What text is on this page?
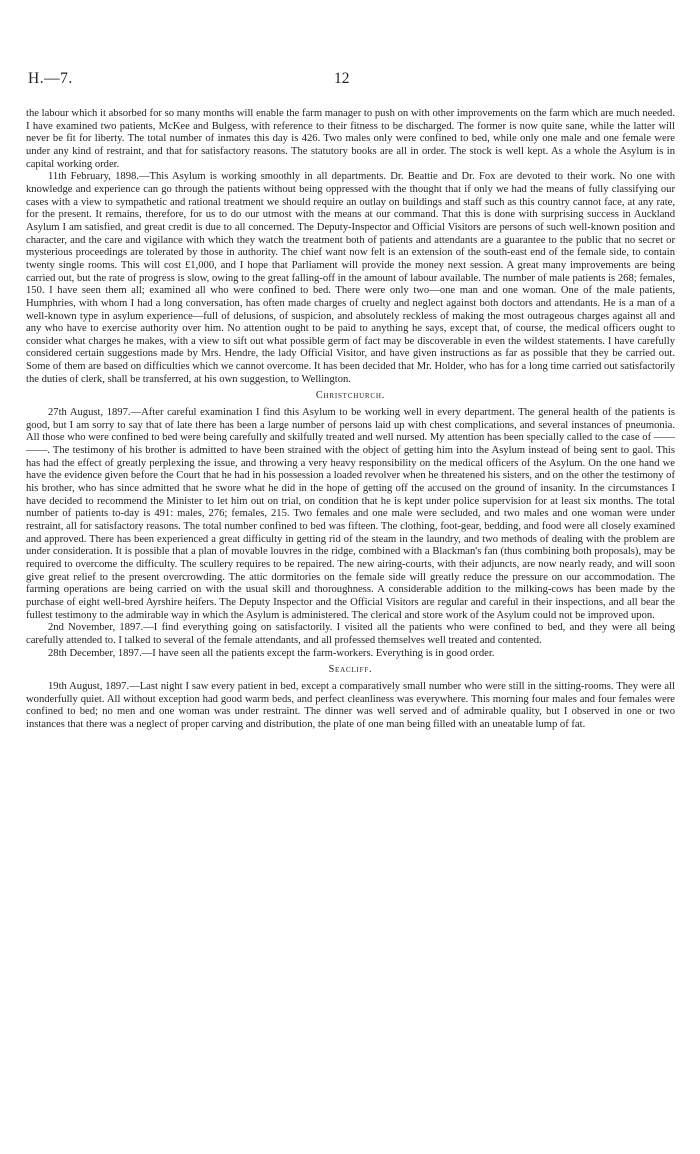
H.—7.	12

the labour which it absorbed for so many months will enable the farm manager to push on with other improvements on the farm which are much needed. I have examined two patients, McKee and Bulgess, with reference to their fitness to be discharged. The former is now quite sane, while the latter will never be fit for liberty. The total number of inmates this day is 426. Two males only were confined to bed, while only one male and one female were under any kind of restraint, and that for satisfactory reasons. The statutory books are all in order. The stock is well kept. As a whole the Asylum is in capital working order.

11th February, 1898.—This Asylum is working smoothly in all departments. Dr. Beattie and Dr. Fox are devoted to their work. No one with knowledge and experience can go through the patients without being oppressed with the thought that if only we had the means of fully classifying our cases with a view to sympathetic and rational treatment we should require an outlay on buildings and staff such as this country cannot face, at any rate, for the present. It remains, therefore, for us to do our utmost with the means at our command. That this is done with surprising success in Auckland Asylum I am satisfied, and great credit is due to all concerned. The Deputy-Inspector and Official Visitors are persons of such well-known position and character, and the care and vigilance with which they watch the treatment both of patients and attendants are a guarantee to the public that no secret or mysterious proceedings are tolerated by those in authority. The chief want now felt is an extension of the south-east end of the female side, to contain twenty single rooms. This will cost £1,000, and I hope that Parliament will provide the money next session. A great many improvements are being carried out, but the rate of progress is slow, owing to the great falling-off in the amount of labour available. The number of male patients is 268; females, 150. I have seen them all; examined all who were confined to bed. There were only two—one man and one woman. One of the male patients, Humphries, with whom I had a long conversation, has often made charges of cruelty and neglect against both doctors and attendants. He is a man of a well-known type in asylum experience—full of delusions, of suspicion, and absolutely reckless of making the most outrageous charges against all and any who have to exercise authority over him. No attention ought to be paid to anything he says, except that, of course, the medical officers ought to consider what charges he makes, with a view to sift out what possible germ of fact may be discoverable in even the wildest statements. I have carefully considered certain suggestions made by Mrs. Hendre, the lady Official Visitor, and have given instructions as far as possible that they be carried out. Some of them are based on difficulties which we cannot overcome. It has been decided that Mr. Holder, who has for a long time carried out satisfactorily the duties of clerk, shall be transferred, at his own suggestion, to Wellington.

Christchurch.

27th August, 1897.—After careful examination I find this Asylum to be working well in every department. The general health of the patients is good, but I am sorry to say that of late there has been a large number of persons laid up with chest complications, and several instances of pneumonia. All those who were confined to bed were being carefully and skilfully treated and well nursed. My attention has been specially called to the case of —— ——. The testimony of his brother is admitted to have been strained with the object of getting him into the Asylum instead of being sent to gaol. This has had the effect of greatly perplexing the issue, and throwing a very heavy responsibility on the medical officers of the Asylum. On the one hand we have the evidence given before the Court that he had in his possession a loaded revolver when he threatened his sisters, and on the other the testimony of his brother, who has since admitted that he swore what he did in the hope of getting off the accused on the ground of insanity. In the circumstances I have decided to recommend the Minister to let him out on trial, on condition that he is kept under police supervision for at least six months. The total number of patients to-day is 491: males, 276; females, 215. Two females and one male were secluded, and two males and one woman were under restraint, all for satisfactory reasons. The total number confined to bed was fifteen. The clothing, foot-gear, bedding, and food were all closely examined and approved. There has been experienced a great difficulty in getting rid of the steam in the laundry, and two methods of dealing with the problem are under consideration. It is possible that a plan of movable louvres in the ridge, combined with a Blackman's fan (thus combining both proposals), may be required to overcome the difficulty. The scullery requires to be repaired. The new airing-courts, with their adjuncts, are now nearly ready, and will soon give great relief to the present overcrowding. The attic dormitories on the female side will greatly reduce the pressure on our accommodation. The farming operations are being carried on with the usual skill and thoroughness. A considerable addition to the milking-cows has been made by the purchase of eight well-bred Ayrshire heifers. The Deputy Inspector and the Official Visitors are regular and careful in their inspections, and all bear the fullest testimony to the admirable way in which the Asylum is administered. The clerical and store work of the Asylum could not be improved upon.

2nd November, 1897.—I find everything going on satisfactorily. I visited all the patients who were confined to bed, and they were all being carefully attended to. I talked to several of the female attendants, and all professed themselves well treated and contented.

28th December, 1897.—I have seen all the patients except the farm-workers. Everything is in good order.

Seacliff.

19th August, 1897.—Last night I saw every patient in bed, except a comparatively small number who were still in the sitting-rooms. They were all wonderfully quiet. All without exception had good warm beds, and perfect cleanliness was everywhere. This morning four males and four females were confined to bed; no men and one woman was under restraint. The dinner was well served and of admirable quality, but I observed in one or two instances that there was a neglect of proper carving and distribution, the plate of one man being filled with an uneatable lump of fat.
